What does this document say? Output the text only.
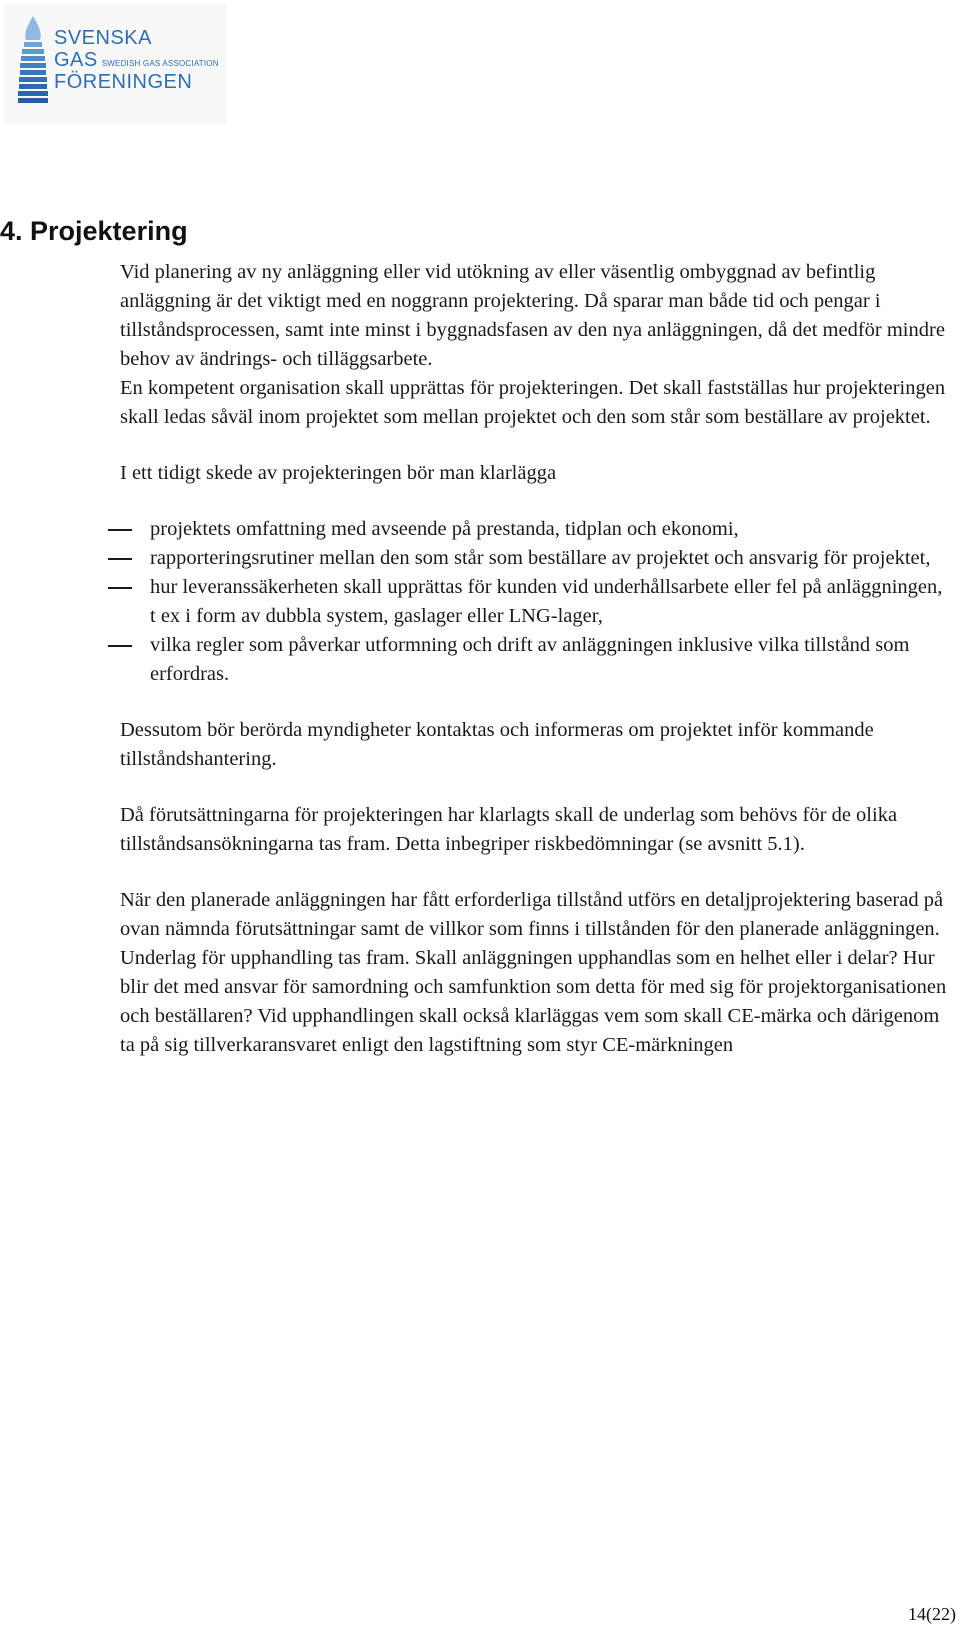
SVENSKA
GAS SWEDISH GAS ASSOCIATION
FÖRENINGEN
4. Projektering

Vid planering av ny anläggning eller vid utökning av eller väsentlig ombyggnad av befintlig anläggning är det viktigt med en noggrann projektering. Då sparar man både tid och pengar i tillståndsprocessen, samt inte minst i byggnadsfasen av den nya anläggningen, då det medför mindre behov av ändrings- och tilläggsarbete.

En kompetent organisation skall upprättas för projekteringen. Det skall fastställas hur projekteringen skall ledas såväl inom projektet som mellan projektet och den som står som beställare av projektet.

I ett tidigt skede av projekteringen bör man klarlägga

projektets omfattning med avseende på prestanda, tidplan och ekonomi,
rapporteringsrutiner mellan den som står som beställare av projektet och ansvarig för projektet,
hur leveranssäkerheten skall upprättas för kunden vid underhållsarbete eller fel på anläggningen, t ex i form av dubbla system, gaslager eller LNG-lager,
vilka regler som påverkar utformning och drift av anläggningen inklusive vilka tillstånd som erfordras.

Dessutom bör berörda myndigheter kontaktas och informeras om projektet inför kommande tillståndshantering.

Då förutsättningarna för projekteringen har klarlagts skall de underlag som behövs för de olika tillståndsansökningarna tas fram. Detta inbegriper riskbedömningar (se avsnitt 5.1).

När den planerade anläggningen har fått erforderliga tillstånd utförs en detaljprojektering baserad på ovan nämnda förutsättningar samt de villkor som finns i tillstånden för den planerade anläggningen. Underlag för upphandling tas fram. Skall anläggningen upphandlas som en helhet eller i delar? Hur blir det med ansvar för samordning och samfunktion som detta för med sig för projektorganisationen och beställaren? Vid upphandlingen skall också klarläggas vem som skall CE-märka och därigenom ta på sig tillverkaransvaret enligt den lagstiftning som styr CE-märkningen

14(22)
